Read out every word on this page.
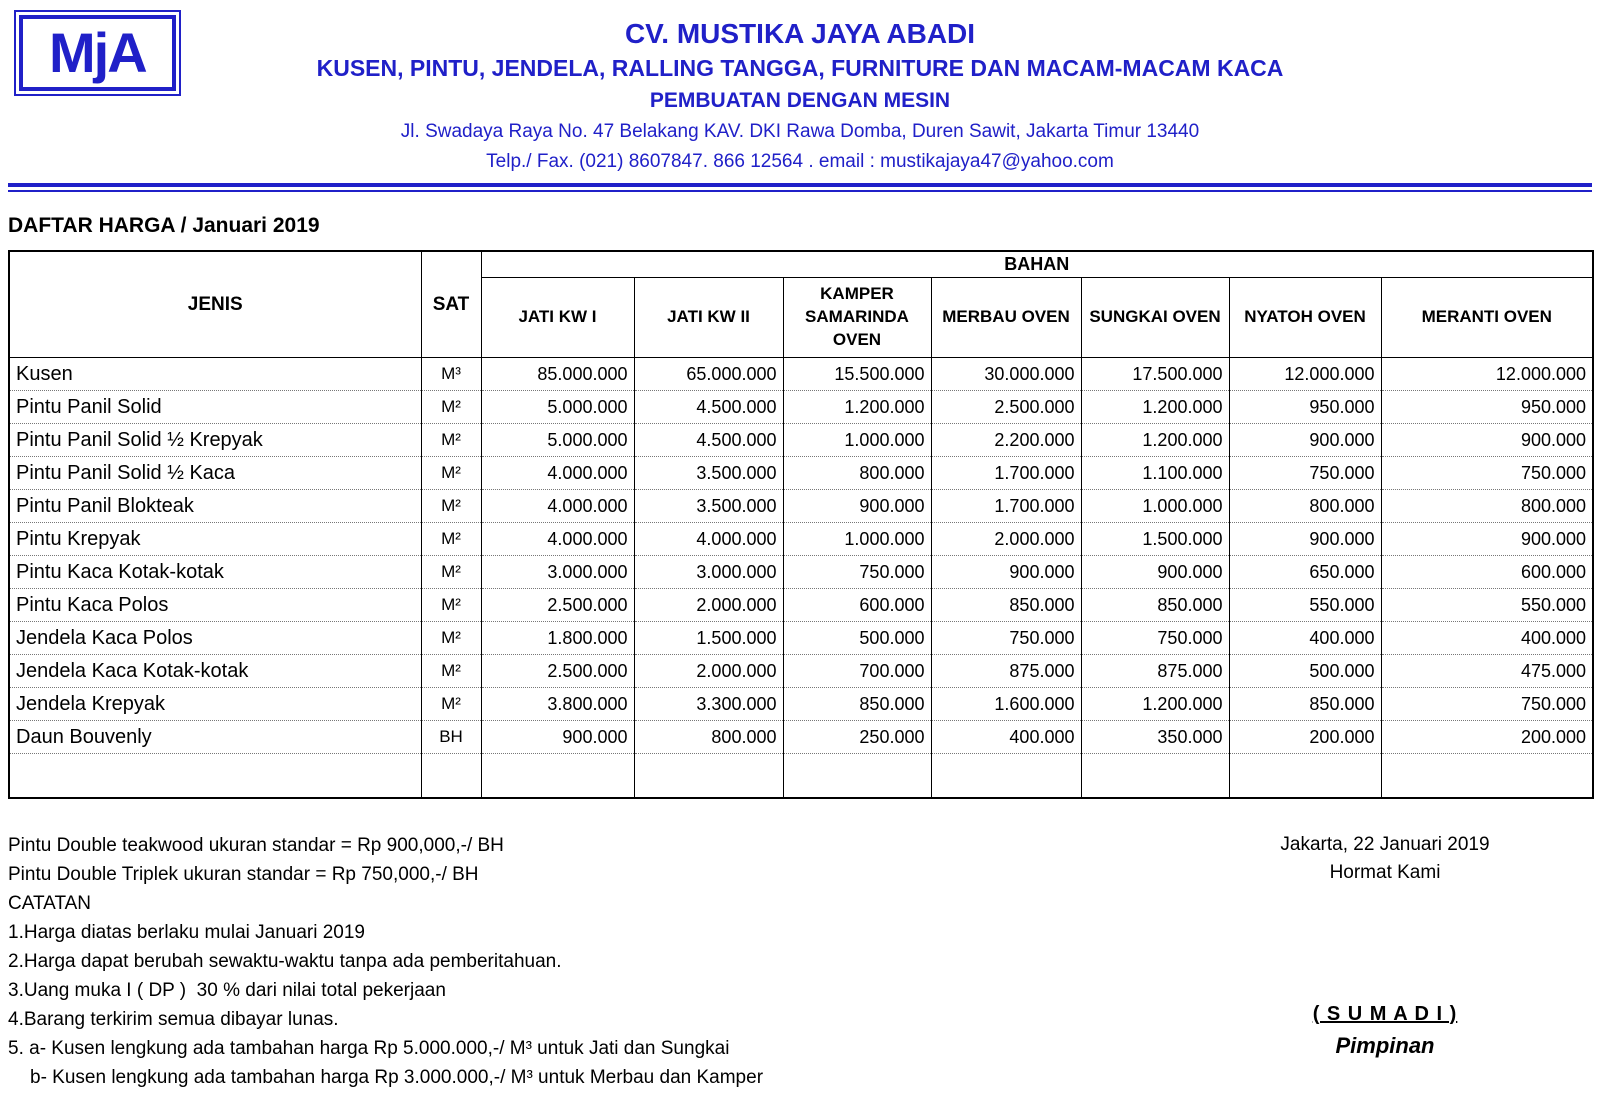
MjA	CV. MUSTIKA JAYA ABADI
KUSEN, PINTU, JENDELA, RALLING TANGGA, FURNITURE DAN MACAM-MACAM KACA
PEMBUATAN DENGAN MESIN
Jl. Swadaya Raya No. 47 Belakang KAV. DKI Rawa Domba, Duren Sawit, Jakarta Timur 13440
Telp./ Fax. (021) 8607847. 866 12564 . email : mustikajaya47@yahoo.com
DAFTAR HARGA / Januari 2019
JENIS	SAT	BAHAN						
		JATI KW I	JATI KW II	KAMPER SAMARINDA OVEN	MERBAU OVEN	SUNGKAI OVEN	NYATOH OVEN	MERANTI OVEN
Kusen	M³	85.000.000	65.000.000	15.500.000	30.000.000	17.500.000	12.000.000	12.000.000
Pintu Panil Solid	M²	5.000.000	4.500.000	1.200.000	2.500.000	1.200.000	950.000	950.000
Pintu Panil Solid ½ Krepyak	M²	5.000.000	4.500.000	1.000.000	2.200.000	1.200.000	900.000	900.000
Pintu Panil Solid ½ Kaca	M²	4.000.000	3.500.000	800.000	1.700.000	1.100.000	750.000	750.000
Pintu Panil Blokteak	M²	4.000.000	3.500.000	900.000	1.700.000	1.000.000	800.000	800.000
Pintu Krepyak	M²	4.000.000	4.000.000	1.000.000	2.000.000	1.500.000	900.000	900.000
Pintu Kaca Kotak-kotak	M²	3.000.000	3.000.000	750.000	900.000	900.000	650.000	600.000
Pintu Kaca Polos	M²	2.500.000	2.000.000	600.000	850.000	850.000	550.000	550.000
Jendela Kaca Polos	M²	1.800.000	1.500.000	500.000	750.000	750.000	400.000	400.000
Jendela Kaca Kotak-kotak	M²	2.500.000	2.000.000	700.000	875.000	875.000	500.000	475.000
Jendela Krepyak	M²	3.800.000	3.300.000	850.000	1.600.000	1.200.000	850.000	750.000
Daun Bouvenly	BH	900.000	800.000	250.000	400.000	350.000	200.000	200.000

Pintu Double teakwood ukuran standar = Rp 900,000,-/ BH
Pintu Double Triplek ukuran standar = Rp 750,000,-/ BH
CATATAN
1.Harga diatas berlaku mulai Januari 2019
2.Harga dapat berubah sewaktu-waktu tanpa ada pemberitahuan.
3.Uang muka I ( DP )  30 % dari nilai total pekerjaan
4.Barang terkirim semua dibayar lunas.
5. a- Kusen lengkung ada tambahan harga Rp 5.000.000,-/ M³ untuk Jati dan Sungkai
b- Kusen lengkung ada tambahan harga Rp 3.000.000,-/ M³ untuk Merbau dan Kamper
Jakarta, 22 Januari 2019
Hormat Kami
( S U M A D I )
Pimpinan
